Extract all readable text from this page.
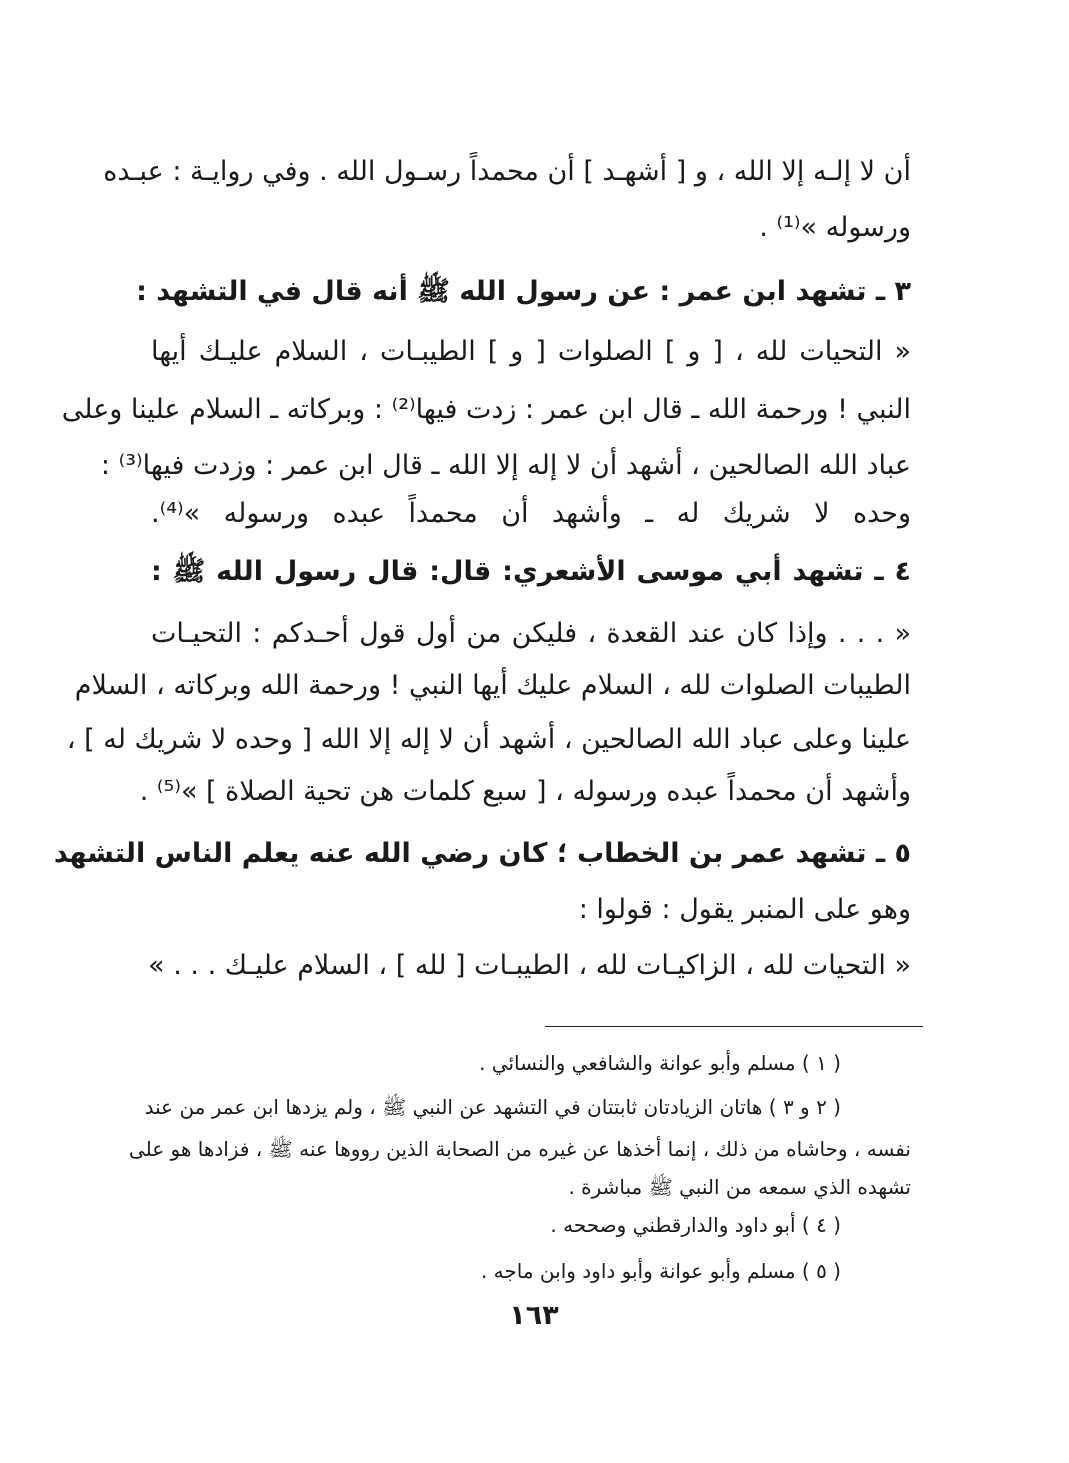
أن لا إلـه إلا الله ، و [ أشهـد ] أن محمداً رسـول الله . وفي روايـة : عبـده
ورسوله »⁽¹⁾ .
٣ ـ تشهد ابن عمر : عن رسول الله ﷺ أنه قال في التشهد :
« التحيات لله ، [ و ] الصلوات [ و ] الطيبـات ، السلام عليـك أيها
النبي ! ورحمة الله ـ قال ابن عمر : زدت فيها⁽²⁾ : وبركاته ـ السلام علينا وعلى
عباد الله الصالحين ، أشهد أن لا إله إلا الله ـ قال ابن عمر : وزدت فيها⁽³⁾ :
وحده لا شريك له ـ وأشهد أن محمداً عبده ورسوله »⁽⁴⁾.
٤ ـ تشهد أبي موسى الأشعري: قال: قال رسول الله ﷺ :
« . . . وإذا كان عند القعدة ، فليكن من أول قول أحـدكم : التحيـات
الطيبات الصلوات لله ، السلام عليك أيها النبي ! ورحمة الله وبركاته ، السلام
علينا وعلى عباد الله الصالحين ، أشهد أن لا إله إلا الله [ وحده لا شريك له ] ،
وأشهد أن محمداً عبده ورسوله ، [ سبع كلمات هن تحية الصلاة ] »⁽⁵⁾ .
٥ ـ تشهد عمر بن الخطاب ؛ كان رضي الله عنه يعلم الناس التشهد
وهو على المنبر يقول : قولوا :
« التحيات لله ، الزاكيـات لله ، الطيبـات [ لله ] ، السلام عليـك . . . »
( ١ ) مسلم وأبو عوانة والشافعي والنسائي .
( ٢ و ٣ ) هاتان الزيادتان ثابتتان في التشهد عن النبي ﷺ ، ولم يزدها ابن عمر من عند
نفسه ، وحاشاه من ذلك ، إنما أخذها عن غيره من الصحابة الذين رووها عنه ﷺ ، فزادها هو على
تشهده الذي سمعه من النبي ﷺ مباشرة .
( ٤ ) أبو داود والدارقطني وصححه .
( ٥ ) مسلم وأبو عوانة وأبو داود وابن ماجه .
١٦٣
